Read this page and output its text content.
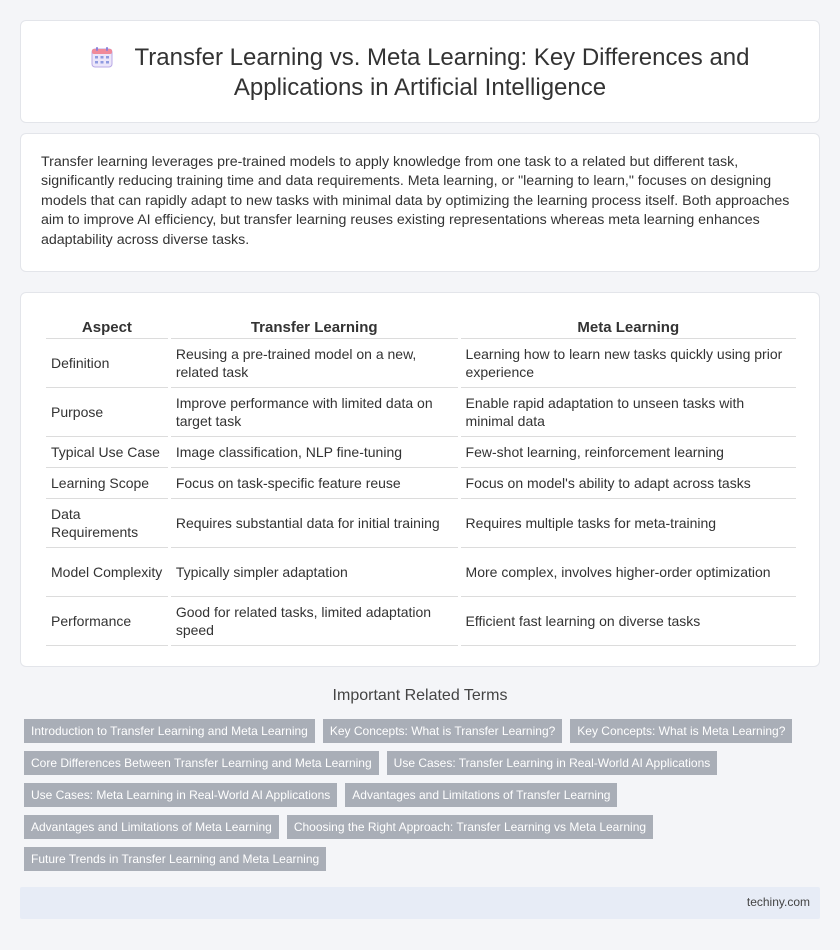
Transfer Learning vs. Meta Learning: Key Differences and Applications in Artificial Intelligence

Transfer learning leverages pre-trained models to apply knowledge from one task to a related but different task, significantly reducing training time and data requirements. Meta learning, or "learning to learn," focuses on designing models that can rapidly adapt to new tasks with minimal data by optimizing the learning process itself. Both approaches aim to improve AI efficiency, but transfer learning reuses existing representations whereas meta learning enhances adaptability across diverse tasks.

Aspect	Transfer Learning	Meta Learning
Definition	Reusing a pre-trained model on a new, related task	Learning how to learn new tasks quickly using prior experience
Purpose	Improve performance with limited data on target task	Enable rapid adaptation to unseen tasks with minimal data
Typical Use Case	Image classification, NLP fine-tuning	Few-shot learning, reinforcement learning
Learning Scope	Focus on task-specific feature reuse	Focus on model's ability to adapt across tasks
Data Requirements	Requires substantial data for initial training	Requires multiple tasks for meta-training
Model Complexity	Typically simpler adaptation	More complex, involves higher-order optimization
Performance	Good for related tasks, limited adaptation speed	Efficient fast learning on diverse tasks
Important Related Terms
Introduction to Transfer Learning and Meta Learning	Key Concepts: What is Transfer Learning?	Key Concepts: What is Meta Learning?
Core Differences Between Transfer Learning and Meta Learning	Use Cases: Transfer Learning in Real-World AI Applications
Use Cases: Meta Learning in Real-World AI Applications	Advantages and Limitations of Transfer Learning
Advantages and Limitations of Meta Learning	Choosing the Right Approach: Transfer Learning vs Meta Learning
Future Trends in Transfer Learning and Meta Learning
techiny.com
